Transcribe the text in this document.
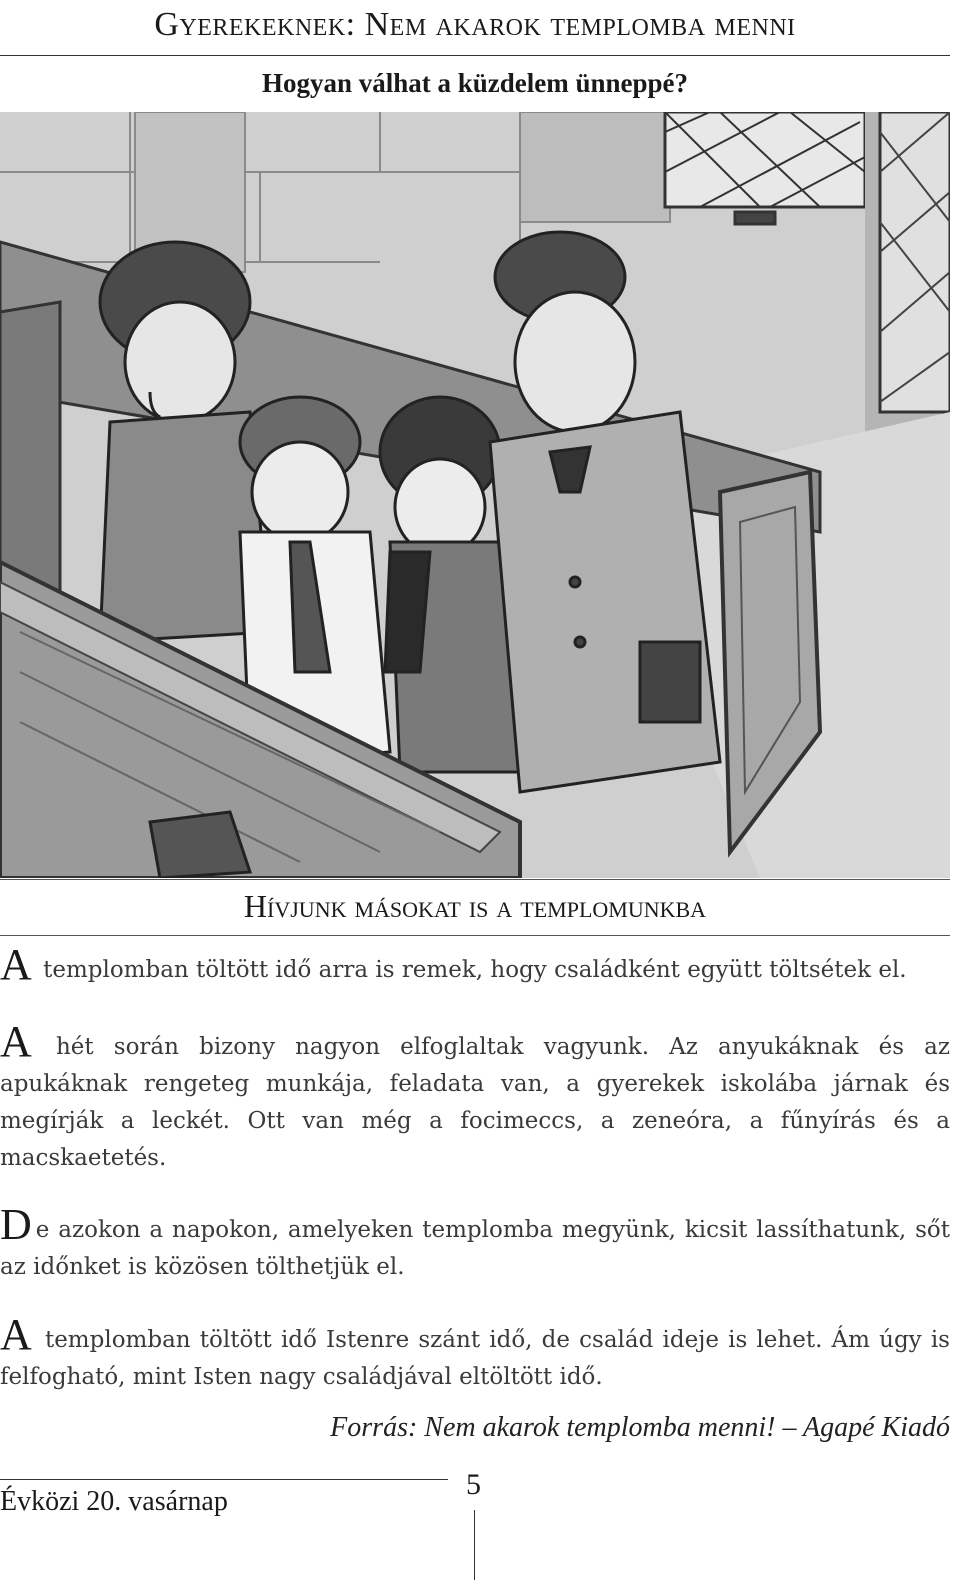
Gyerekeknek: Nem akarok templomba menni
Hogyan válhat a küzdelem ünneppé?
Hívjunk másokat is a templomunkba
A templomban töltött idő arra is remek, hogy családként együtt töltsétek el.
A hét során bizony nagyon elfoglaltak vagyunk. Az anyukáknak és az apukáknak rengeteg munkája, feladata van, a gyerekek iskolába járnak és megírják a leckét. Ott van még a focimeccs, a zeneóra, a fűnyírás és a macskaetetés.
De azokon a napokon, amelyeken templomba megyünk, kicsit lassíthatunk, sőt az időnket is közösen tölthetjük el.
A templomban töltött idő Istenre szánt idő, de család ideje is lehet. Ám úgy is felfogható, mint Isten nagy családjával eltöltött idő.
Forrás: Nem akarok templomba menni! – Agapé Kiadó
Évközi 20. vasárnap
5
